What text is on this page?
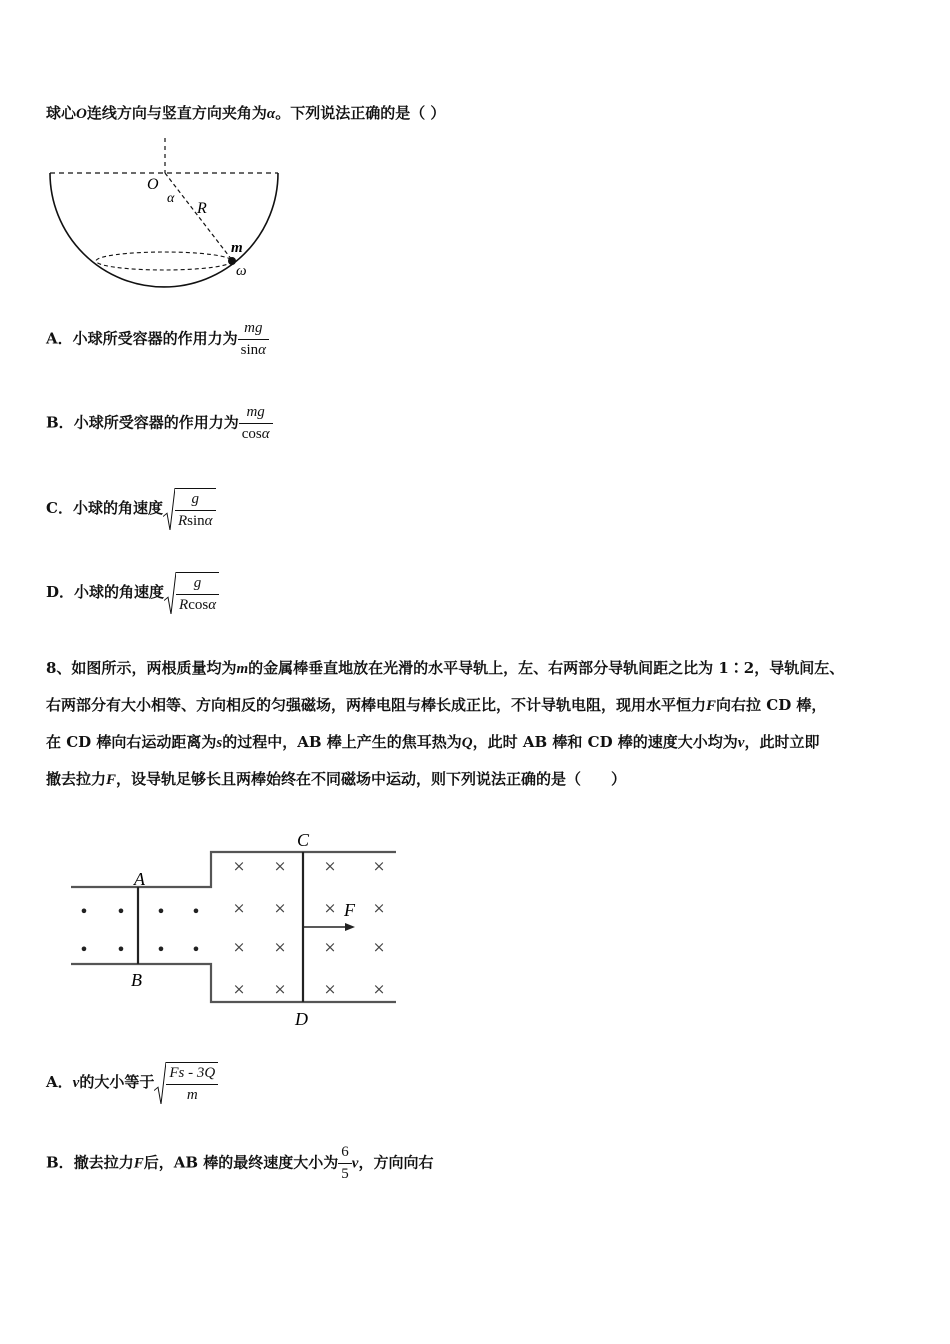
球心O连线方向与竖直方向夹角为α。下列说法正确的是（ ）
O
α
R
m
ω
A．小球所受容器的作用力为 $\frac{mg}{\sin\alpha}$
B．小球所受容器的作用力为 $\frac{mg}{\cos\alpha}$
C．小球的角速度 $\frac{g}{Rsin\alpha}$
D．小球的角速度 $\frac{g}{Rcos\alpha}$
8、如图所示，两根质量均为m的金属棒垂直地放在光滑的水平导轨上，左、右两部分导轨间距之比为 1∶2，导轨间左、
右两部分有大小相等、方向相反的匀强磁场，两棒电阻与棒长成正比，不计导轨电阻，现用水平恒力F向右拉 CD 棒，
在 CD 棒向右运动距离为s的过程中，AB 棒上产生的焦耳热为Q，此时 AB 棒和 CD 棒的速度大小均为v，此时立即
撤去拉力F，设导轨足够长且两棒始终在不同磁场中运动，则下列说法正确的是（　　）
• • • •
• • • •
× × × ×
× × × ×
× × × ×
× × × ×
A
B
C
D
F
A．v的大小等于 $\frac{Fs - 3Q}{m}$
B．撤去拉力F后，AB 棒的最终速度大小为 $\frac{6}{5}$ v，方向向右
